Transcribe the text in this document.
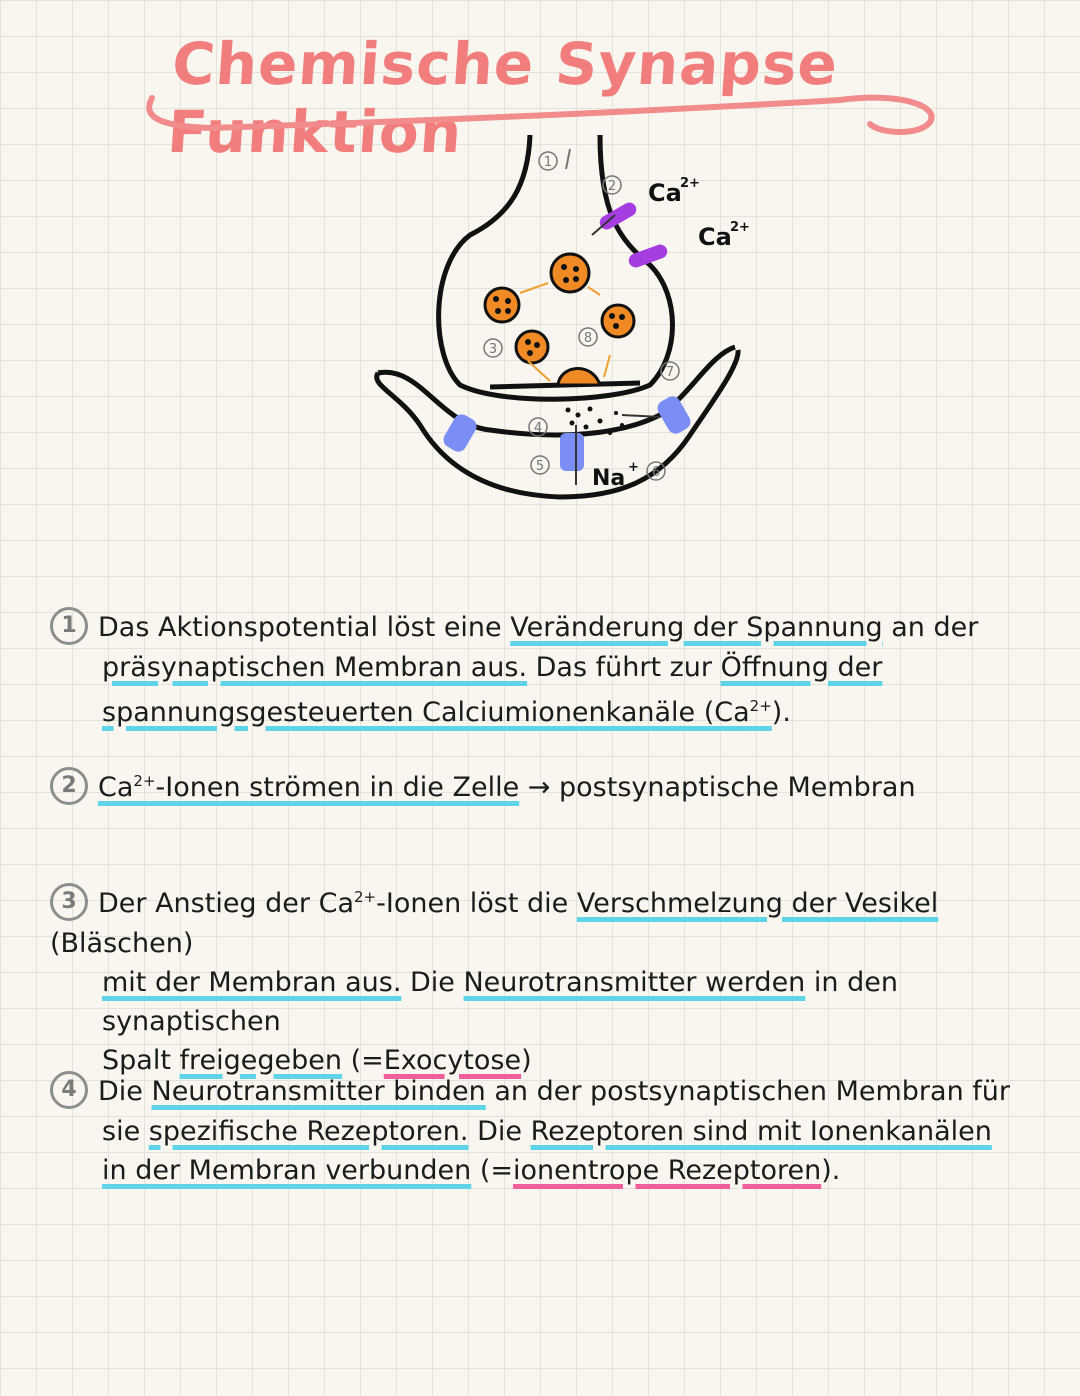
Chemische Synapse Funktion
Ca
2+
Ca
2+
Na +
1
2
3
4
5	6
7
8
1 Das Aktionspotential löst eine Veränderung der Spannung an der
präsynaptischen Membran aus. Das führt zur Öffnung der
spannungsgesteuerten Calciumionenkanäle $(Ca^{2+})$.
2 $Ca^{2+}$-Ionen strömen in die Zelle → postsynaptische Membran
3 Der Anstieg der $Ca^{2+}$-Ionen löst die Verschmelzung der Vesikel (Bläschen)
mit der Membran aus. Die Neurotransmitter werden in den synaptischen
Spalt freigegeben (=Exocytose)
4 Die Neurotransmitter binden an der postsynaptischen Membran für
sie spezifische Rezeptoren. Die Rezeptoren sind mit Ionenkanälen
in der Membran verbunden (=ionentrope Rezeptoren).
